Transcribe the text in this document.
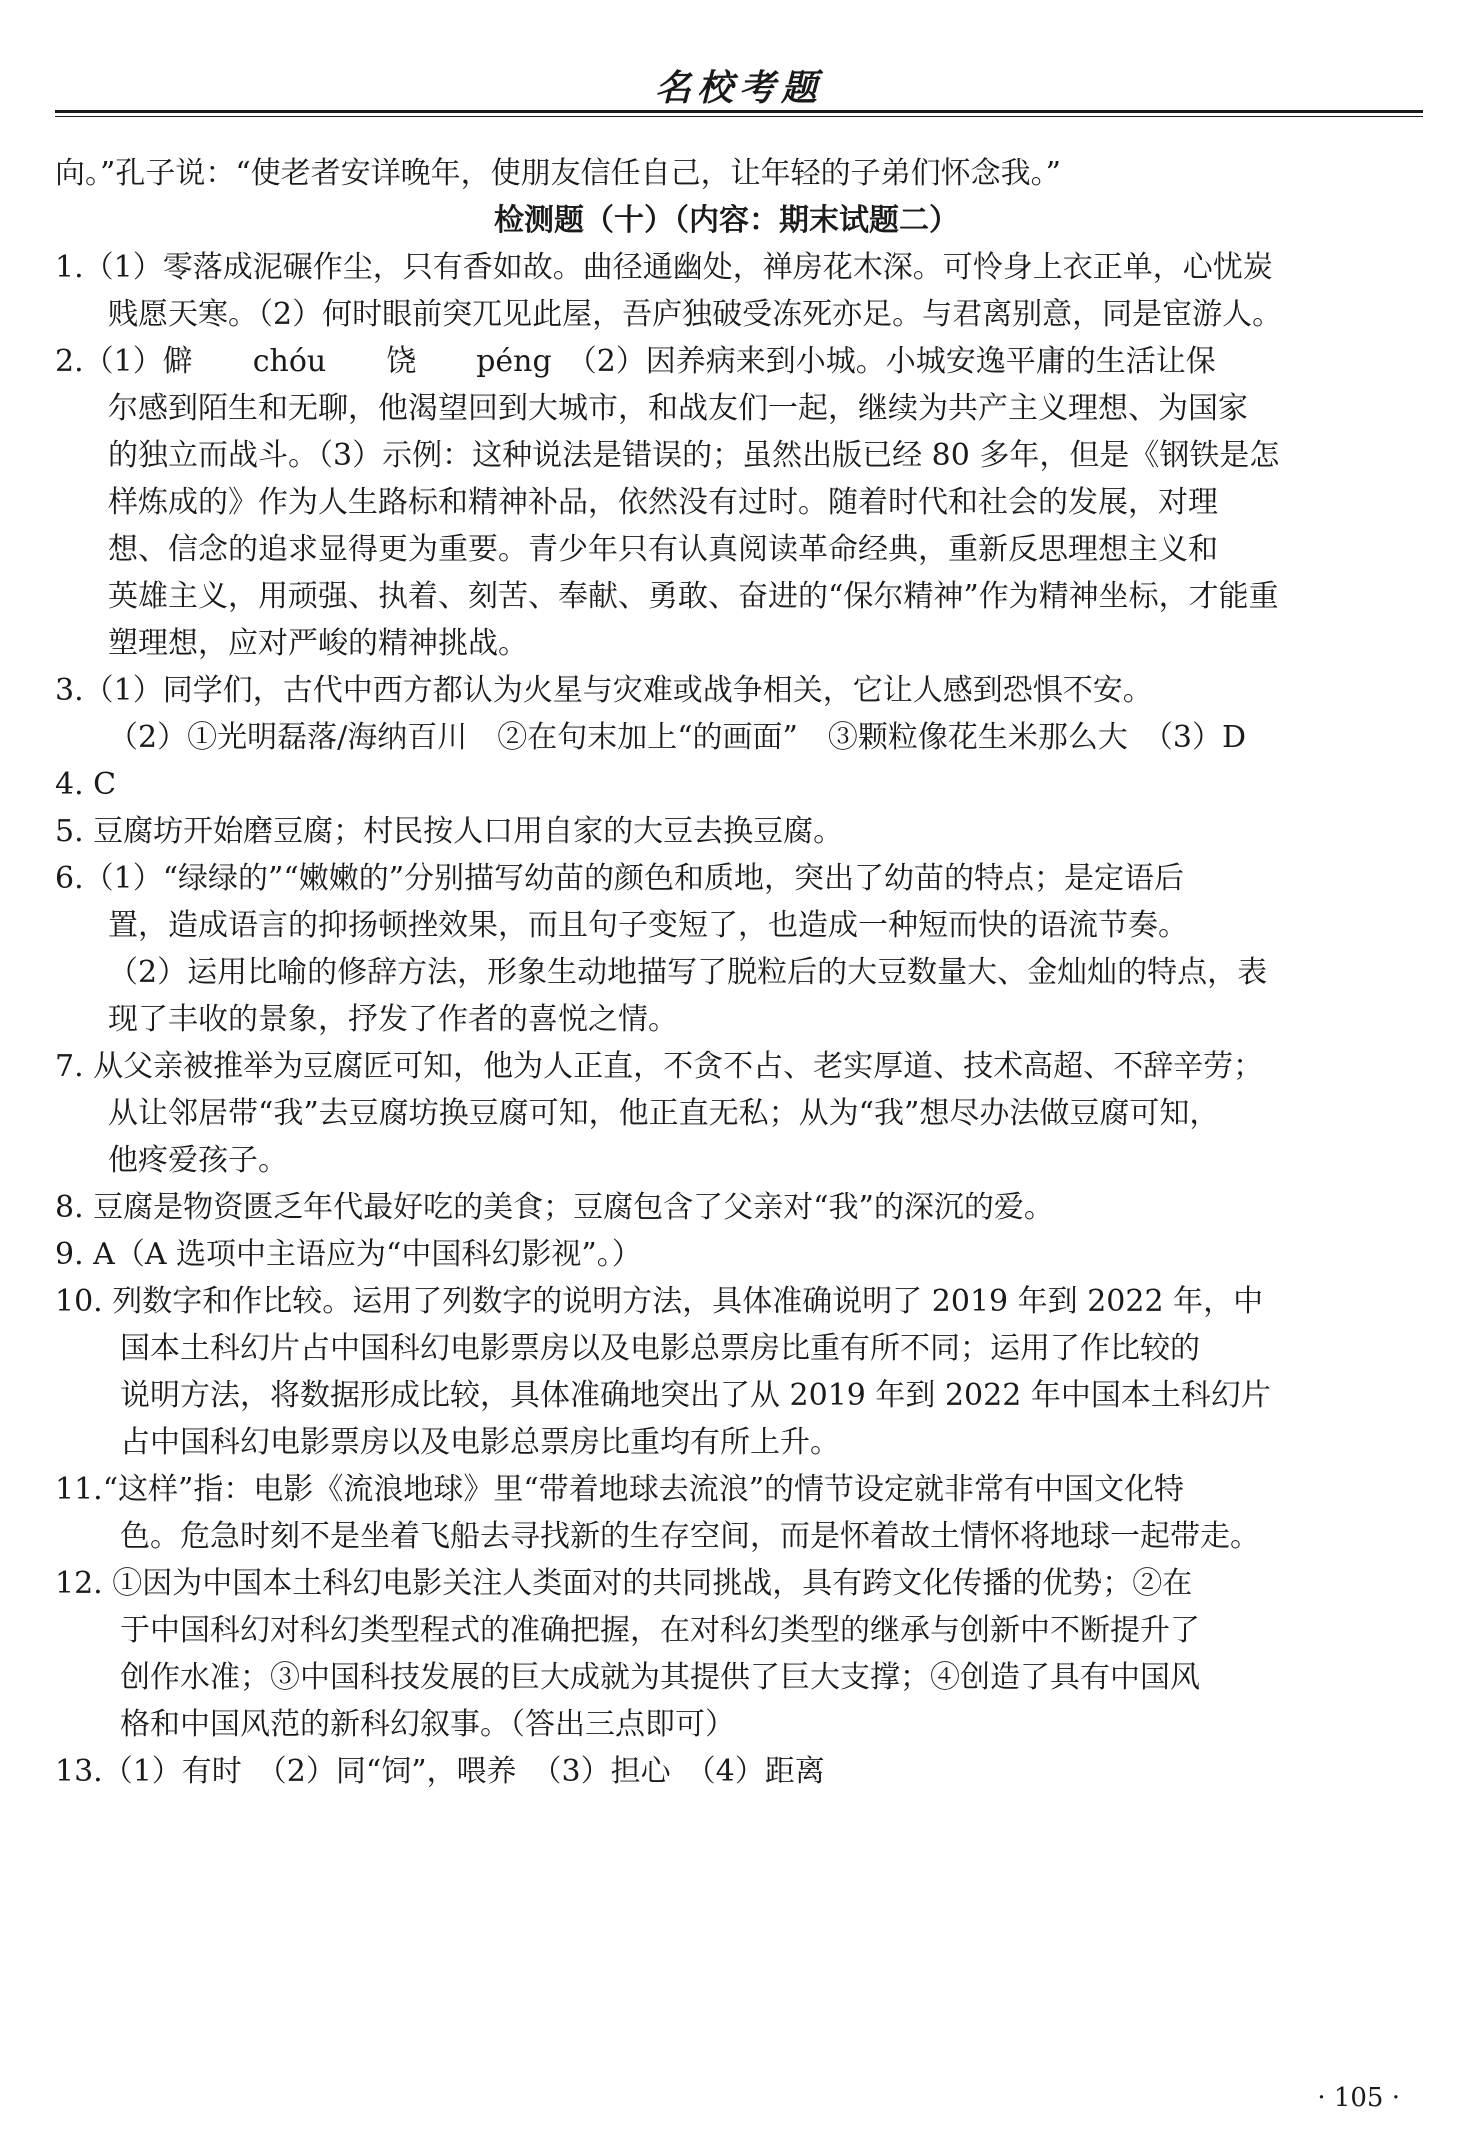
名校考题
向。”孔子说：“使老者安详晚年，使朋友信任自己，让年轻的子弟们怀念我。”
检测题（十）（内容：期末试题二）
1.（1）零落成泥碾作尘，只有香如故。曲径通幽处，禅房花木深。可怜身上衣正单，心忧炭
贱愿天寒。（2）何时眼前突兀见此屋，吾庐独破受冻死亦足。与君离别意，同是宦游人。
2.（1）僻　　chóu　　饶　　péng　（2）因养病来到小城。小城安逸平庸的生活让保
尔感到陌生和无聊，他渴望回到大城市，和战友们一起，继续为共产主义理想、为国家
的独立而战斗。（3）示例：这种说法是错误的；虽然出版已经 80 多年，但是《钢铁是怎
样炼成的》作为人生路标和精神补品，依然没有过时。随着时代和社会的发展，对理
想、信念的追求显得更为重要。青少年只有认真阅读革命经典，重新反思理想主义和
英雄主义，用顽强、执着、刻苦、奉献、勇敢、奋进的“保尔精神”作为精神坐标，才能重
塑理想，应对严峻的精神挑战。
3.（1）同学们，古代中西方都认为火星与灾难或战争相关，它让人感到恐惧不安。
（2）①光明磊落/海纳百川　②在句末加上“的画面”　③颗粒像花生米那么大　（3）D
4. C
5. 豆腐坊开始磨豆腐；村民按人口用自家的大豆去换豆腐。
6.（1）“绿绿的”“嫩嫩的”分别描写幼苗的颜色和质地，突出了幼苗的特点；是定语后
置，造成语言的抑扬顿挫效果，而且句子变短了，也造成一种短而快的语流节奏。
（2）运用比喻的修辞方法，形象生动地描写了脱粒后的大豆数量大、金灿灿的特点，表
现了丰收的景象，抒发了作者的喜悦之情。
7. 从父亲被推举为豆腐匠可知，他为人正直，不贪不占、老实厚道、技术高超、不辞辛劳；
从让邻居带“我”去豆腐坊换豆腐可知，他正直无私；从为“我”想尽办法做豆腐可知，
他疼爱孩子。
8. 豆腐是物资匮乏年代最好吃的美食；豆腐包含了父亲对“我”的深沉的爱。
9. A（A 选项中主语应为“中国科幻影视”。）
10. 列数字和作比较。运用了列数字的说明方法，具体准确说明了 2019 年到 2022 年，中
国本土科幻片占中国科幻电影票房以及电影总票房比重有所不同；运用了作比较的
说明方法，将数据形成比较，具体准确地突出了从 2019 年到 2022 年中国本土科幻片
占中国科幻电影票房以及电影总票房比重均有所上升。
11.“这样”指：电影《流浪地球》里“带着地球去流浪”的情节设定就非常有中国文化特
色。危急时刻不是坐着飞船去寻找新的生存空间，而是怀着故土情怀将地球一起带走。
12. ①因为中国本土科幻电影关注人类面对的共同挑战，具有跨文化传播的优势；②在
于中国科幻对科幻类型程式的准确把握，在对科幻类型的继承与创新中不断提升了
创作水准；③中国科技发展的巨大成就为其提供了巨大支撑；④创造了具有中国风
格和中国风范的新科幻叙事。（答出三点即可）
13.（1）有时　（2）同“饲”，喂养　（3）担心　（4）距离
· 105 ·
